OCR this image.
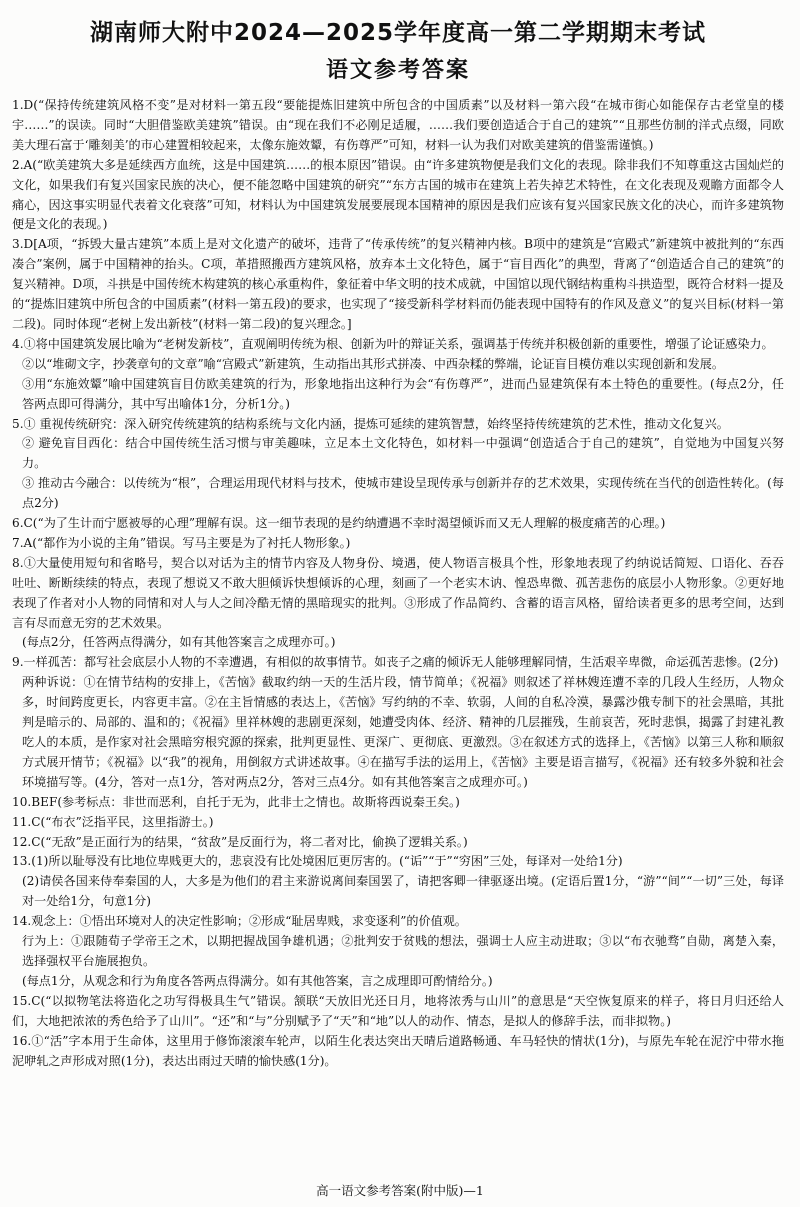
湖南师大附中2024—2025学年度高一第二学期期末考试
语文参考答案

1.D(“保持传统建筑风格不变”是对材料一第五段“要能提炼旧建筑中所包含的中国质素”以及材料一第六段“在城市街心如能保存古老堂皇的楼宇……”的误读。同时“大胆借鉴欧美建筑”错误。由“现在我们不必刚足适履，……我们要创造适合于自己的建筑”“且那些仿制的洋式点缀，同欧美大理石富于‘雕刻美’的市心建置相较起来，太像东施效颦，有伤尊严”可知，材料一认为我们对欧美建筑的借鉴需谨慎。)

2.A(“欧美建筑大多是延续西方血统，这是中国建筑……的根本原因”错误。由“许多建筑物便是我们文化的表现。除非我们不知尊重这古国灿烂的文化，如果我们有复兴国家民族的决心，便不能忽略中国建筑的研究”“东方古国的城市在建筑上若失掉艺术特性，在文化表现及观瞻方面都令人痛心，因这事实明显代表着文化衰落”可知，材料认为中国建筑发展要展现本国精神的原因是我们应该有复兴国家民族文化的决心，而许多建筑物便是文化的表现。)

3.D[A项，“拆毁大量古建筑”本质上是对文化遗产的破坏，违背了“传承传统”的复兴精神内核。B项中的建筑是“宫殿式”新建筑中被批判的“东西凑合”案例，属于中国精神的抬头。C项，革措照搬西方建筑风格，放弃本土文化特色，属于“盲目西化”的典型，背离了“创造适合自己的建筑”的复兴精神。D项，斗拱是中国传统木构建筑的核心承重构件，象征着中华文明的技术成就，中国馆以现代钢结构重构斗拱造型，既符合材料一提及的“提炼旧建筑中所包含的中国质素”(材料一第五段)的要求，也实现了“接受新科学材料而仍能表现中国特有的作风及意义”的复兴目标(材料一第二段)。同时体现“老树上发出新枝”(材料一第二段)的复兴理念。]

4.①将中国建筑发展比喻为“老树发新枝”，直观阐明传统为根、创新为叶的辩证关系，强调基于传统并积极创新的重要性，增强了论证感染力。

②以“堆砌文字，抄袭章句的文章”喻“宫殿式”新建筑，生动指出其形式拼凑、中西杂糅的弊端，论证盲目模仿难以实现创新和发展。

③用“东施效颦”喻中国建筑盲目仿欧美建筑的行为，形象地指出这种行为会“有伤尊严”，进而凸显建筑保有本土特色的重要性。(每点2分，任答两点即可得满分，其中写出喻体1分，分析1分。)

5.① 重视传统研究：深入研究传统建筑的结构系统与文化内涵，提炼可延续的建筑智慧，始终坚持传统建筑的艺术性，推动文化复兴。

② 避免盲目西化：结合中国传统生活习惯与审美趣味，立足本土文化特色，如材料一中强调“创造适合于自己的建筑”，自觉地为中国复兴努力。

③ 推动古今融合：以传统为“根”，合理运用现代材料与技术，使城市建设呈现传承与创新并存的艺术效果，实现传统在当代的创造性转化。(每点2分)

6.C(“为了生计而宁愿被辱的心理”理解有误。这一细节表现的是约纳遭遇不幸时渴望倾诉而又无人理解的极度痛苦的心理。)

7.A(“都作为小说的主角”错误。写马主要是为了衬托人物形象。)

8.①大量使用短句和省略号，契合以对话为主的情节内容及人物身份、境遇，使人物语言极具个性，形象地表现了约纳说话简短、口语化、吞吞吐吐、断断续续的特点，表现了想说又不敢大胆倾诉快想倾诉的心理，刻画了一个老实木讷、惶恐卑微、孤苦悲伤的底层小人物形象。②更好地表现了作者对小人物的同情和对人与人之间冷酷无情的黑暗现实的批判。③形成了作品简约、含蓄的语言风格，留给读者更多的思考空间，达到言有尽而意无穷的艺术效果。

(每点2分，任答两点得满分，如有其他答案言之成理亦可。)

9.一样孤苦：都写社会底层小人物的不幸遭遇，有相似的故事情节。如丧子之痛的倾诉无人能够理解同情，生活艰辛卑微，命运孤苦悲惨。(2分)

两种诉说：①在情节结构的安排上，《苦恼》截取约纳一天的生活片段，情节简单；《祝福》则叙述了祥林嫂连遭不幸的几段人生经历，人物众多，时间跨度更长，内容更丰富。②在主旨情感的表达上，《苦恼》写约纳的不幸、软弱，人间的自私冷漠，暴露沙俄专制下的社会黑暗，其批判是暗示的、局部的、温和的；《祝福》里祥林嫂的悲剧更深刻，她遭受肉体、经济、精神的几层摧残，生前哀苦，死时悲惧，揭露了封建礼教吃人的本质，是作家对社会黑暗穷根究源的探索，批判更显性、更深广、更彻底、更激烈。③在叙述方式的选择上，《苦恼》以第三人称和顺叙方式展开情节；《祝福》以“我”的视角，用倒叙方式讲述故事。④在描写手法的运用上，《苦恼》主要是语言描写，《祝福》还有较多外貌和社会环境描写等。(4分，答对一点1分，答对两点2分，答对三点4分。如有其他答案言之成理亦可。)

10.BEF(参考标点：非世而恶利，自托于无为，此非士之情也。故斯将西说秦王矣。)

11.C(“布衣”泛指平民，这里指游士。)

12.C(“无敌”是正面行为的结果，“贫敌”是反面行为，将二者对比，偷换了逻辑关系。)

13.(1)所以耻辱没有比地位卑贱更大的，悲哀没有比处境困厄更厉害的。(“诟”“于”“穷困”三处，每译对一处给1分)

(2)请侯各国来侍奉秦国的人，大多是为他们的君主来游说离间秦国罢了，请把客卿一律驱逐出境。(定语后置1分，“游”“间”“一切”三处，每译对一处给1分，句意1分)

14.观念上：①悟出环境对人的决定性影响；②形成“耻居卑贱，求变逐利”的价值观。

行为上：①跟随荀子学帝王之术，以期把握战国争雄机遇；②批判安于贫贱的想法，强调士人应主动进取；③以“布衣驰骛”自勋，离楚入秦，选择强权平台施展抱负。

(每点1分，从观念和行为角度各答两点得满分。如有其他答案，言之成理即可酌情给分。)

15.C(“以拟物笔法将造化之功写得极具生气”错误。颔联“天放旧光还日月，地将浓秀与山川”的意思是“天空恢复原来的样子，将日月归还给人们，大地把浓浓的秀色给予了山川”。“还”和“与”分别赋予了“天”和“地”以人的动作、情态，是拟人的修辞手法，而非拟物。)

16.①“活”字本用于生命体，这里用于修饰滚滚车轮声，以陌生化表达突出天晴后道路畅通、车马轻快的情状(1分)，与原先车轮在泥泞中带水拖泥咿轧之声形成对照(1分)，表达出雨过天晴的愉快感(1分)。

高一语文参考答案(附中版)—1
